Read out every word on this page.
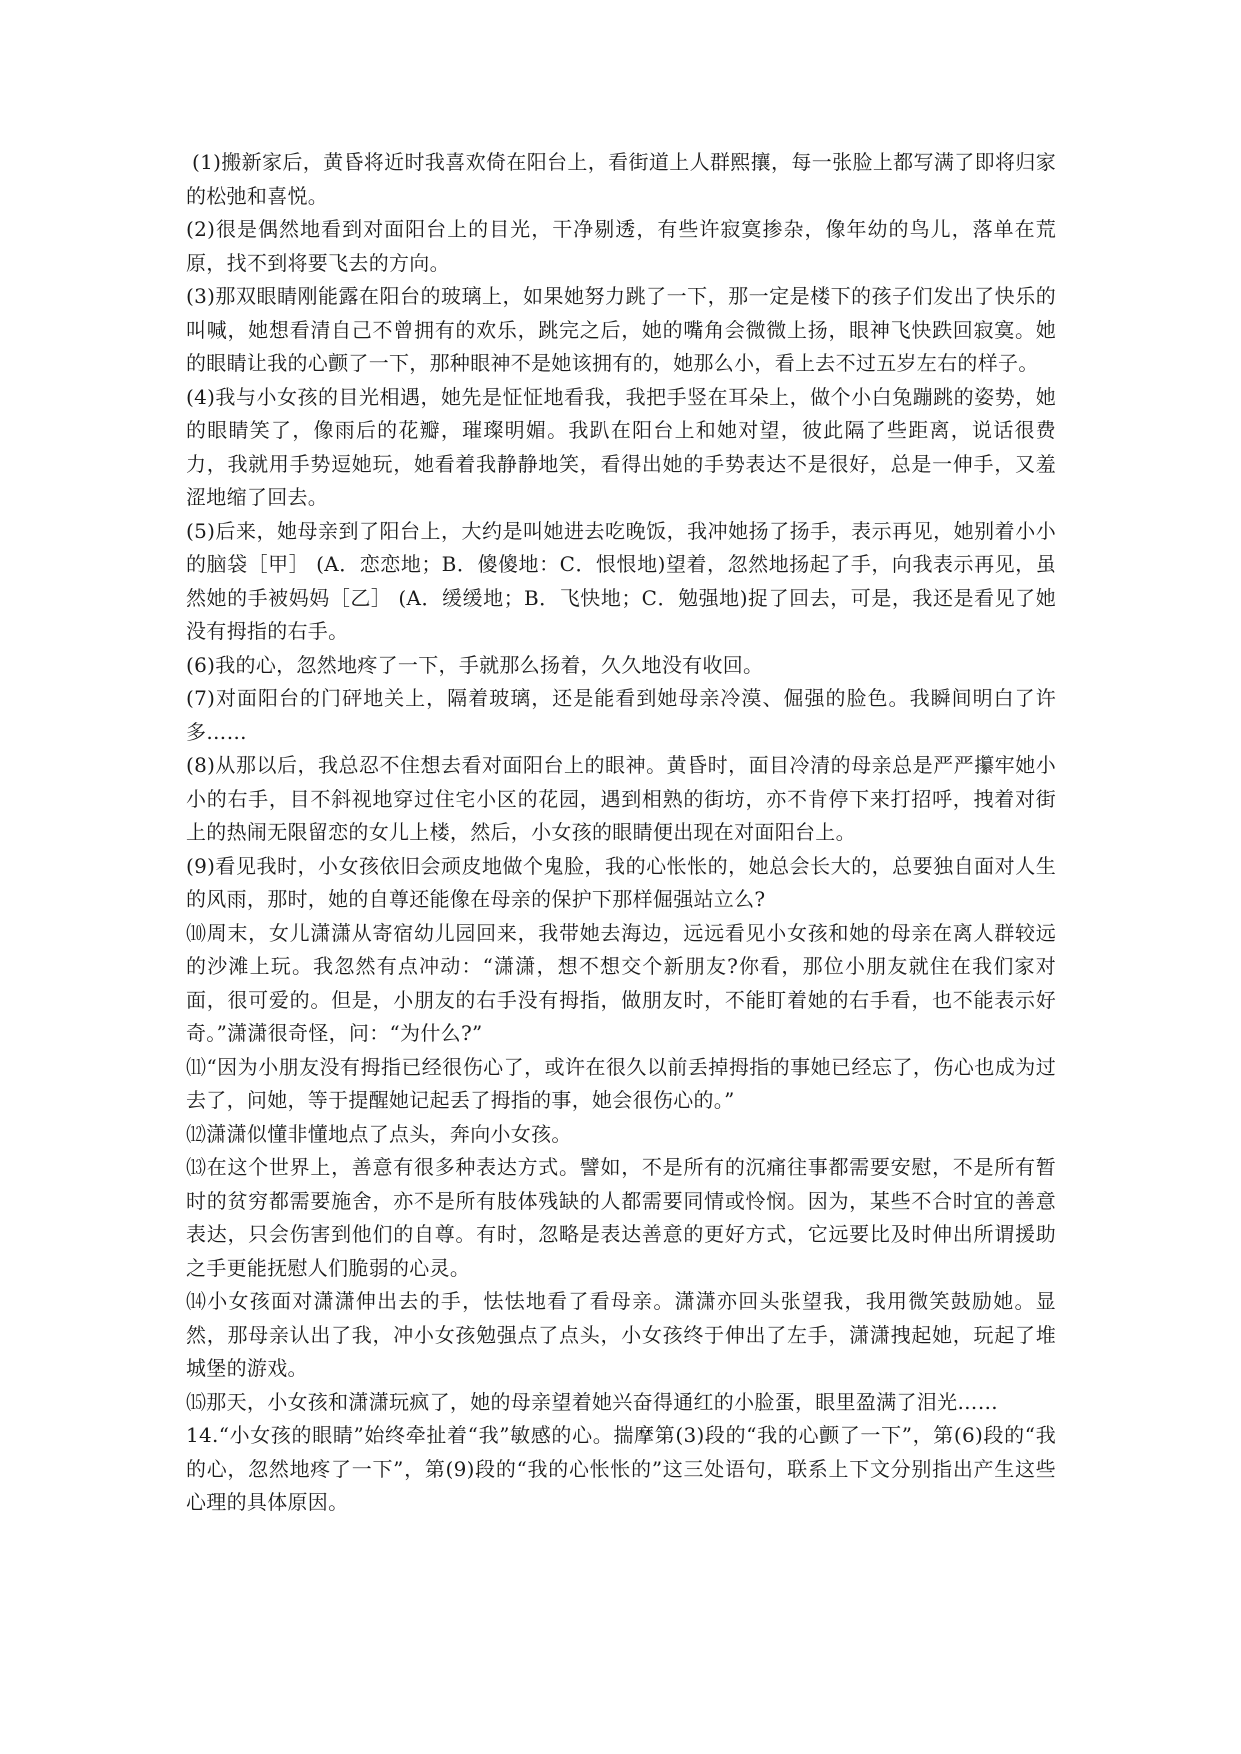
(1)搬新家后，黄昏将近时我喜欢倚在阳台上，看街道上人群熙攘，每一张脸上都写满了即将归家的松弛和喜悦。

(2)很是偶然地看到对面阳台上的目光，干净剔透，有些许寂寞掺杂，像年幼的鸟儿，落单在荒原，找不到将要飞去的方向。

(3)那双眼睛刚能露在阳台的玻璃上，如果她努力跳了一下，那一定是楼下的孩子们发出了快乐的叫喊，她想看清自己不曾拥有的欢乐，跳完之后，她的嘴角会微微上扬，眼神飞快跌回寂寞。她的眼睛让我的心颤了一下，那种眼神不是她该拥有的，她那么小，看上去不过五岁左右的样子。

(4)我与小女孩的目光相遇，她先是怔怔地看我，我把手竖在耳朵上，做个小白兔蹦跳的姿势，她的眼睛笑了，像雨后的花瓣，璀璨明媚。我趴在阳台上和她对望，彼此隔了些距离，说话很费力，我就用手势逗她玩，她看着我静静地笑，看得出她的手势表达不是很好，总是一伸手，又羞涩地缩了回去。

(5)后来，她母亲到了阳台上，大约是叫她进去吃晚饭，我冲她扬了扬手，表示再见，她别着小小的脑袋［甲］ (A．恋恋地；B．傻傻地：C．恨恨地)望着，忽然地扬起了手，向我表示再见，虽然她的手被妈妈［乙］ (A．缓缓地；B．飞快地；C．勉强地)捉了回去，可是，我还是看见了她没有拇指的右手。

(6)我的心，忽然地疼了一下，手就那么扬着，久久地没有收回。

(7)对面阳台的门砰地关上，隔着玻璃，还是能看到她母亲冷漠、倔强的脸色。我瞬间明白了许多……

(8)从那以后，我总忍不住想去看对面阳台上的眼神。黄昏时，面目冷清的母亲总是严严攥牢她小小的右手，目不斜视地穿过住宅小区的花园，遇到相熟的街坊，亦不肯停下来打招呼，拽着对街上的热闹无限留恋的女儿上楼，然后，小女孩的眼睛便出现在对面阳台上。

(9)看见我时，小女孩依旧会顽皮地做个鬼脸，我的心怅怅的，她总会长大的，总要独自面对人生的风雨，那时，她的自尊还能像在母亲的保护下那样倔强站立么?

⑽周末，女儿潇潇从寄宿幼儿园回来，我带她去海边，远远看见小女孩和她的母亲在离人群较远的沙滩上玩。我忽然有点冲动：“潇潇，想不想交个新朋友?你看，那位小朋友就住在我们家对面，很可爱的。但是，小朋友的右手没有拇指，做朋友时，不能盯着她的右手看，也不能表示好奇。”潇潇很奇怪，问：“为什么?”

⑾“因为小朋友没有拇指已经很伤心了，或许在很久以前丢掉拇指的事她已经忘了，伤心也成为过去了，问她，等于提醒她记起丢了拇指的事，她会很伤心的。”

⑿潇潇似懂非懂地点了点头，奔向小女孩。

⒀在这个世界上，善意有很多种表达方式。譬如，不是所有的沉痛往事都需要安慰，不是所有暂时的贫穷都需要施舍，亦不是所有肢体残缺的人都需要同情或怜悯。因为，某些不合时宜的善意表达，只会伤害到他们的自尊。有时，忽略是表达善意的更好方式，它远要比及时伸出所谓援助之手更能抚慰人们脆弱的心灵。

⒁小女孩面对潇潇伸出去的手，怯怯地看了看母亲。潇潇亦回头张望我，我用微笑鼓励她。显然，那母亲认出了我，冲小女孩勉强点了点头，小女孩终于伸出了左手，潇潇拽起她，玩起了堆城堡的游戏。

⒂那天，小女孩和潇潇玩疯了，她的母亲望着她兴奋得通红的小脸蛋，眼里盈满了泪光……

14.“小女孩的眼睛”始终牵扯着“我”敏感的心。揣摩第(3)段的“我的心颤了一下”，第(6)段的“我的心，忽然地疼了一下”，第(9)段的“我的心怅怅的”这三处语句，联系上下文分别指出产生这些心理的具体原因。
